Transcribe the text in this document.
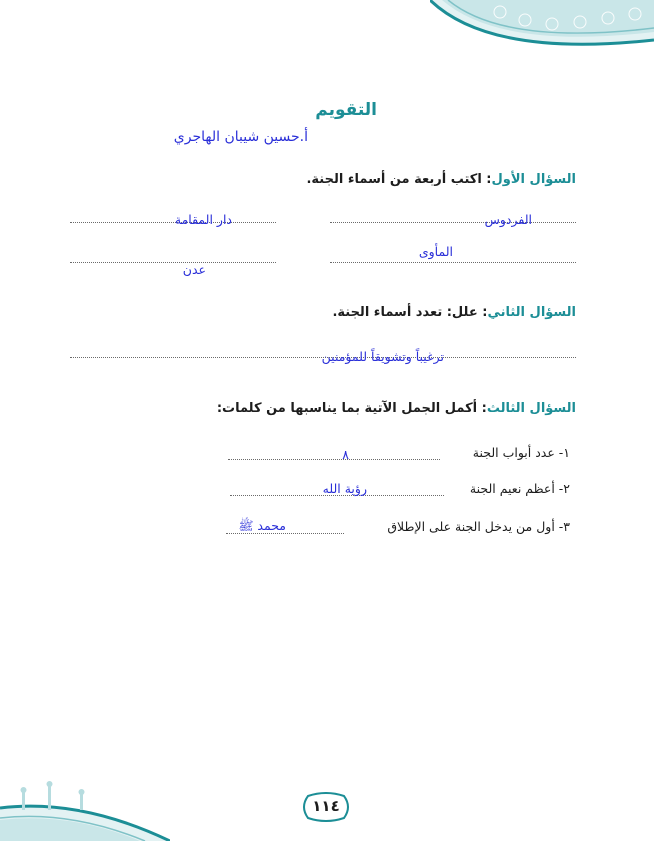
التقويم
أ.حسين شيبان الهاجري
السؤال الأول: اكتب أربعة من أسماء الجنة.
الفردوس
دار المقامة
المأوى
عدن
السؤال الثاني: علل: تعدد أسماء الجنة.
ترغيباً وتشويقاً للمؤمنين
السؤال الثالث: أكمل الجمل الآتية بما يناسبها من كلمات:
١- عدد أبواب الجنة
٨
٢- أعظم نعيم الجنة
رؤية الله
٣- أول من يدخل الجنة على الإطلاق
محمد ﷺ
١١٤
